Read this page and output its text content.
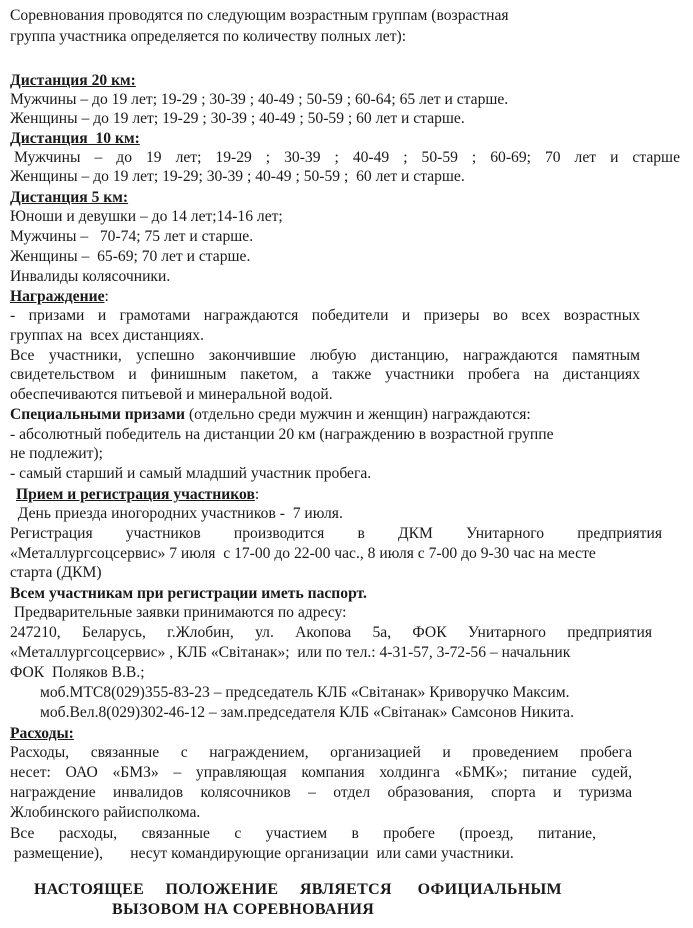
Соревнования проводятся по следующим возрастным группам (возрастная
группа участника определяется по количеству полных лет):
Дистанция 20 км:
Мужчины – до 19 лет; 19-29 ; 30-39 ; 40-49 ; 50-59 ; 60-64; 65 лет и старше.
Женщины – до 19 лет; 19-29 ; 30-39 ; 40-49 ; 50-59 ; 60 лет и старше.
Дистанция  10 км:
Мужчины – до 19 лет; 19-29 ; 30-39 ; 40-49 ; 50-59 ; 60-69; 70 лет и старше
Женщины – до 19 лет; 19-29; 30-39 ; 40-49 ; 50-59 ;  60 лет и старше.
Дистанция 5 км:
Юноши и девушки – до 14 лет;14-16 лет;
Мужчины –   70-74; 75 лет и старше.
Женщины –  65-69; 70 лет и старше.
Инвалиды колясочники.
Награждение:
- призами и грамотами награждаются победители и призеры во всех возрастных
группах на  всех дистанциях.
Все участники, успешно закончившие любую дистанцию, награждаются памятным
свидетельством и финишным пакетом, а также участники пробега на дистанциях
обеспечиваются питьевой и минеральной водой.
Специальными призами (отдельно среди мужчин и женщин) награждаются:
- абсолютный победитель на дистанции 20 км (награждению в возрастной группе
не подлежит);
- самый старший и самый младший участник пробега.
Прием и регистрация участников:
День приезда иногородних участников -  7 июля.
Регистрация участников производится в ДКМ Унитарного предприятия
«Металлургсоцсервис» 7 июля  с 17-00 до 22-00 час., 8 июля с 7-00 до 9-30 час на месте
старта (ДКМ)
Всем участникам при регистрации иметь паспорт.
Предварительные заявки принимаются по адресу:
247210, Беларусь, г.Жлобин, ул. Акопова 5а, ФОК Унитарного предприятия
«Металлургсоцсервис» , КЛБ «Світанак»;  или по тел.: 4-31-57, 3-72-56 – начальник
ФОК  Поляков В.В.;
моб.МТС8(029)355-83-23 – председатель КЛБ «Світанак» Криворучко Максим.
моб.Вел.8(029)302-46-12 – зам.председателя КЛБ «Світанак» Самсонов Никита.
Расходы:
Расходы, связанные с награждением, организацией и проведением пробега
несет: ОАО «БМЗ» – управляющая компания холдинга «БМК»; питание судей,
награждение инвалидов колясочников – отдел образования, спорта и туризма
Жлобинского райисполкома.
Все расходы, связанные с участием в пробеге (проезд, питание,
размещение),       несут командирующие организации  или сами участники.
НАСТОЯЩЕЕ     ПОЛОЖЕНИЕ     ЯВЛЯЕТСЯ      ОФИЦИАЛЬНЫМ
ВЫЗОВОМ НА СОРЕВНОВАНИЯ
